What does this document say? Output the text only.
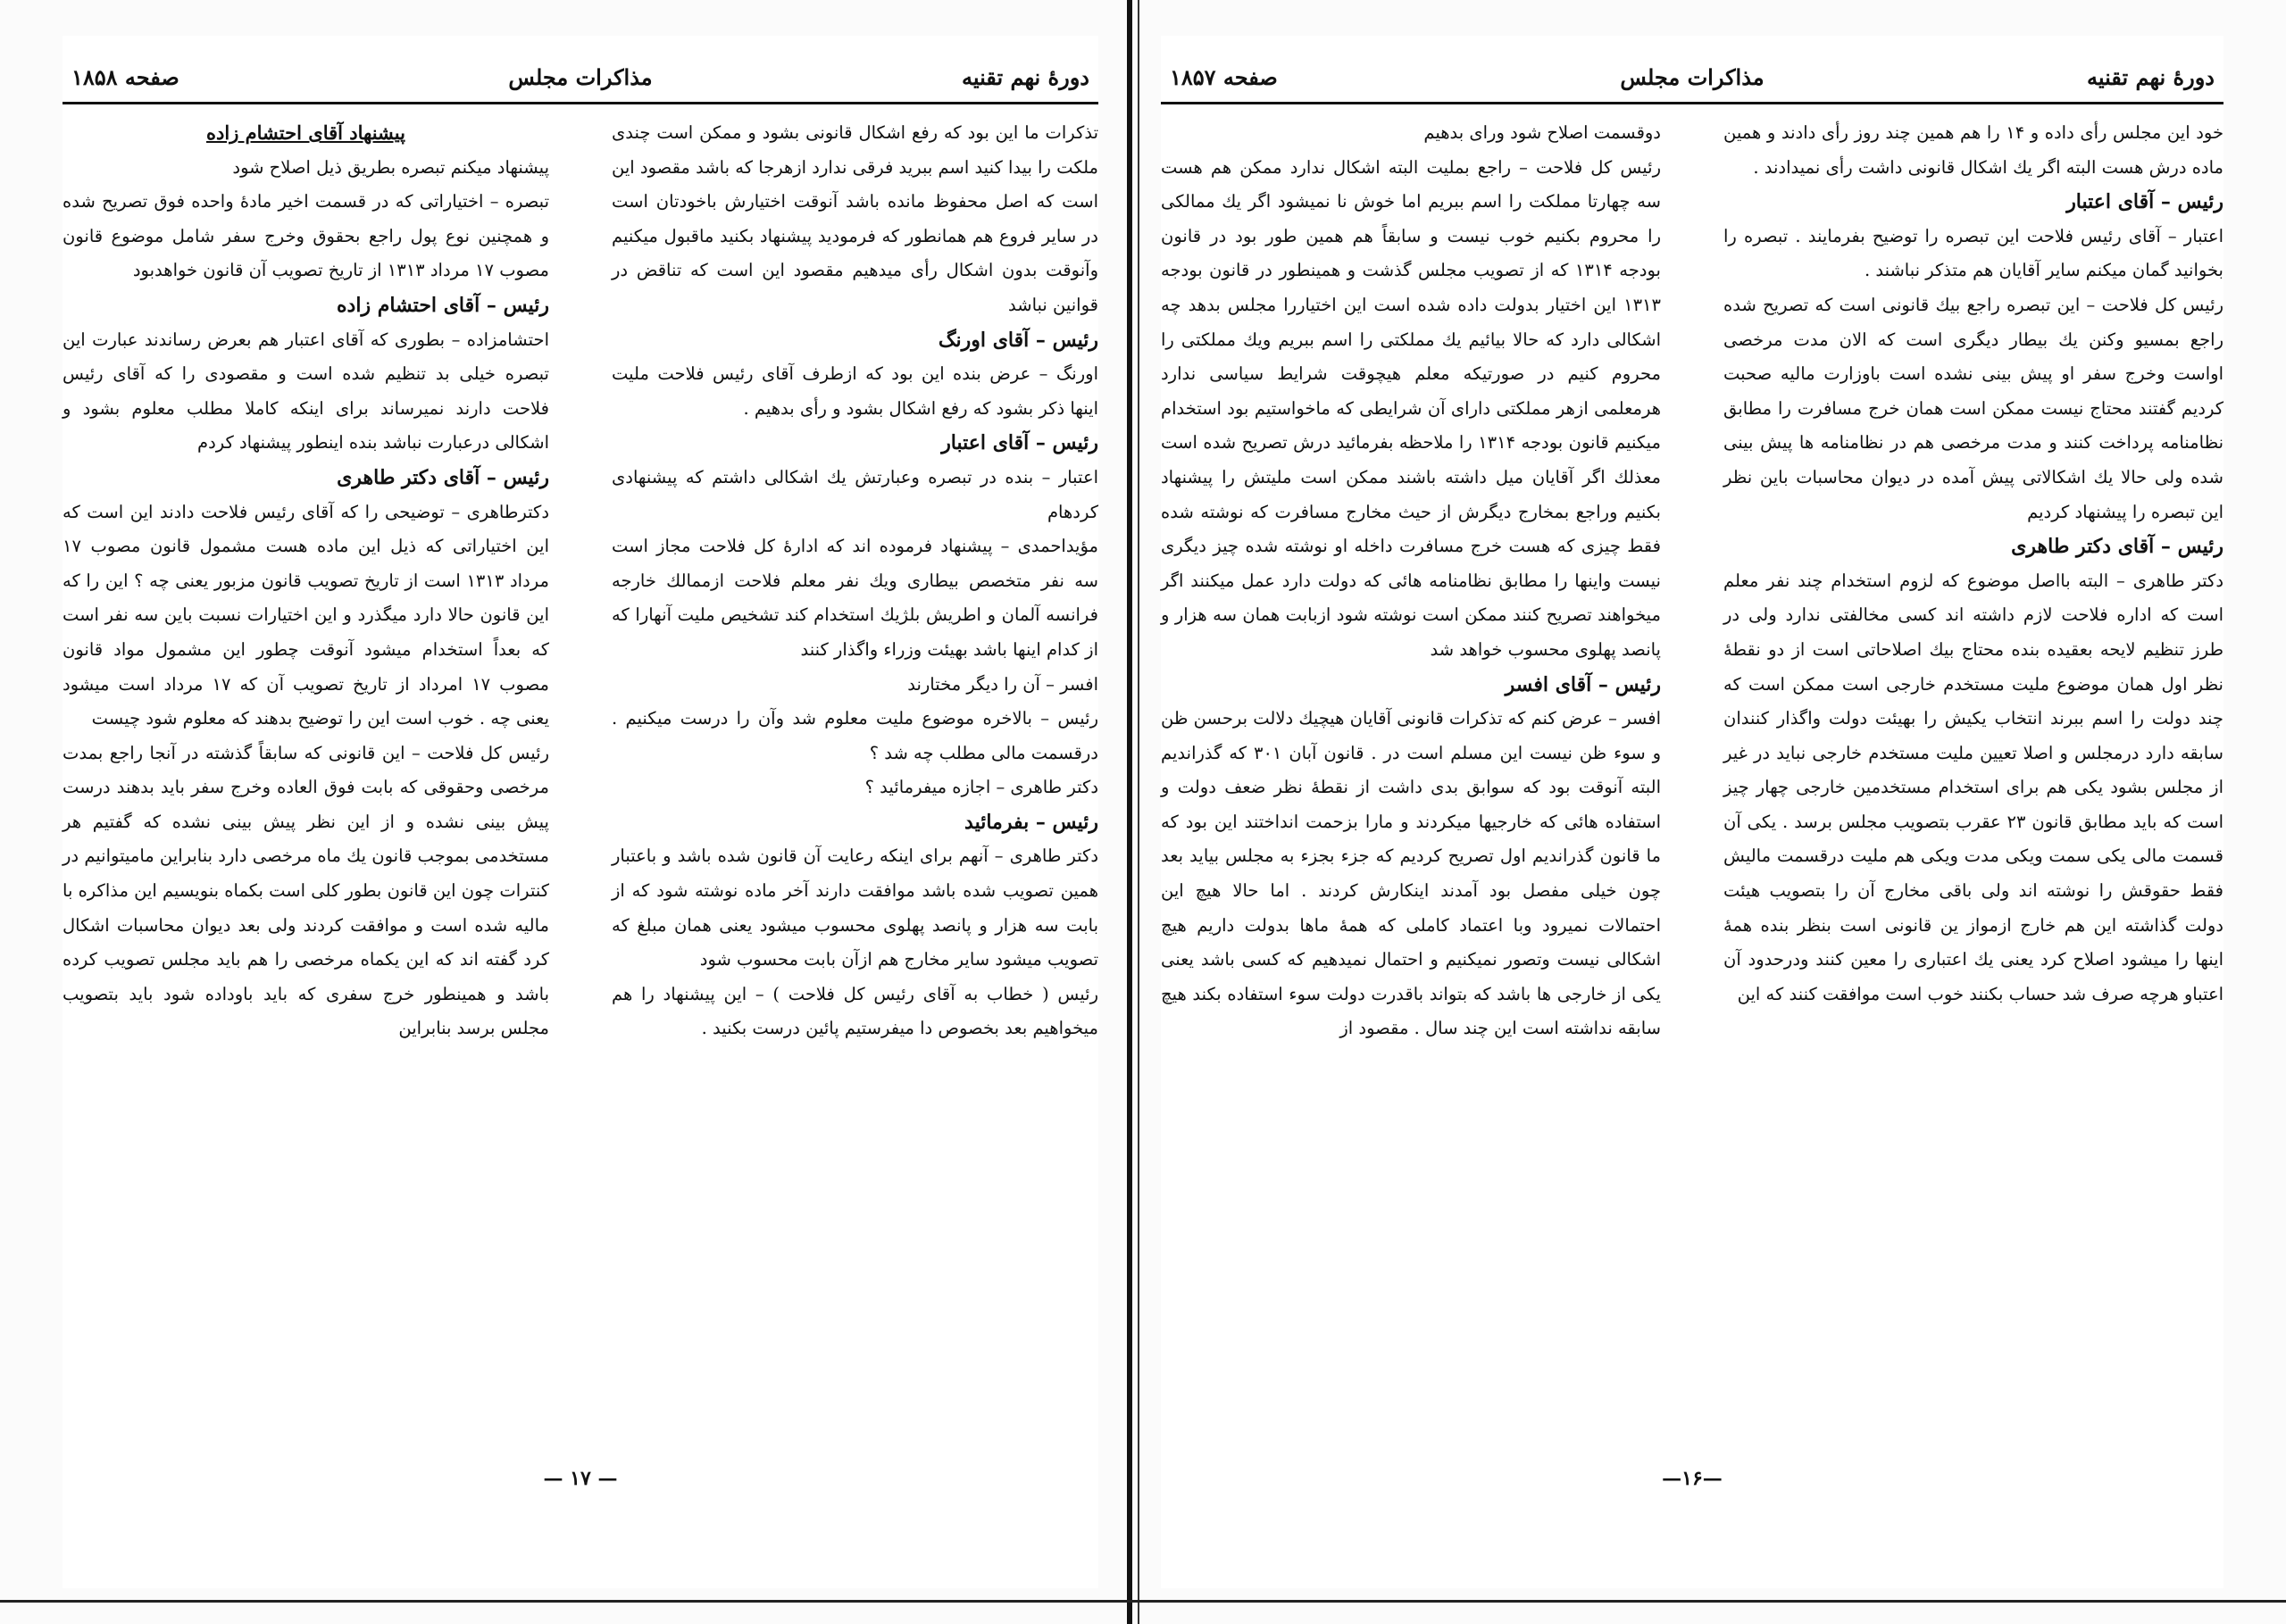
دورهٔ نهم تقنیه
مذاکرات مجلس
صفحه ۱۸۵۸

تذکرات ما این بود که رفع اشکال قانونی بشود و ممکن است چندی ملکت را بیدا کنید اسم ببرید فرقی ندارد ازهرجا که باشد مقصود این است که اصل محفوظ مانده باشد آنوقت اختیارش باخودتان است در سایر فروع هم همانطور که فرمودید پیشنهاد بکنید ماقبول میکنیم وآنوقت بدون اشکال رأی میدهیم مقصود این است که تناقض در قوانین نباشد

رئیس – آقای اورنگ

اورنگ – عرض بنده این بود که ازطرف آقای رئیس فلاحت ملیت اینها ذکر بشود که رفع اشکال بشود و رأی بدهیم .

رئیس – آقای اعتبار

اعتبار – بنده در تبصره وعبارتش یك اشکالی داشتم که پیشنهادی کردهام

مؤیداحمدی – پیشنهاد فرموده اند که ادارهٔ کل فلاحت مجاز است سه نفر متخصص بیطاری ویك نفر معلم فلاحت ازممالك خارجه فرانسه آلمان و اطریش بلژیك استخدام کند تشخیص ملیت آنهارا که از کدام اینها باشد بهیئت وزراء واگذار کنند

افسر – آن را دیگر مختارند

رئیس – بالاخره موضوع ملیت معلوم شد وآن را درست میکنیم . درقسمت مالی مطلب چه شد ؟

دکتر طاهری – اجازه میفرمائید ؟

رئیس – بفرمائید

دکتر طاهری – آنهم برای اینکه رعایت آن قانون شده باشد و باعتبار همین تصویب شده باشد موافقت دارند آخر ماده نوشته شود که از بابت سه هزار و پانصد پهلوی محسوب میشود یعنی همان مبلغ که تصویب میشود سایر مخارج هم ازآن بابت محسوب شود

رئیس ( خطاب به آقای رئیس کل فلاحت ) – این پیشنهاد را هم میخواهیم بعد بخصوص دا میفرستیم پائین درست بکنید .

پیشنهاد آقای احتشام زاده

پیشنهاد میکنم تبصره بطریق ذیل اصلاح شود

تبصره – اختیاراتی که در قسمت اخیر مادهٔ واحده فوق تصریح شده و همچنین نوع پول راجع بحقوق وخرج سفر شامل موضوع قانون مصوب ۱۷ مرداد ۱۳۱۳ از تاریخ تصویب آن قانون خواهدبود

رئیس – آقای احتشام زاده

احتشامزاده – بطوری که آقای اعتبار هم بعرض رساندند عبارت این تبصره خیلی بد تنظیم شده است و مقصودی را که آقای رئیس فلاحت دارند نمیرساند برای اینکه کاملا مطلب معلوم بشود و اشکالی درعبارت نباشد بنده اینطور پیشنهاد کردم

رئیس – آقای دکتر طاهری

دکترطاهری – توضیحی را که آقای رئیس فلاحت دادند این است که این اختیاراتی که ذیل این ماده هست مشمول قانون مصوب ۱۷ مرداد ۱۳۱۳ است از تاریخ تصویب قانون مزبور یعنی چه ؟ این را که این قانون حالا دارد میگذرد و این اختیارات نسبت باین سه نفر است که بعداً استخدام میشود آنوقت چطور این مشمول مواد قانون مصوب ۱۷ امرداد از تاریخ تصویب آن که ۱۷ مرداد است میشود یعنی چه . خوب است این را توضیح بدهند که معلوم شود چیست

رئیس کل فلاحت – این قانونی که سابقاً گذشته در آنجا راجع بمدت مرخصی وحقوقی که بابت فوق العاده وخرج سفر باید بدهند درست پیش بینی نشده و از این نظر پیش بینی نشده که گفتیم هر مستخدمی بموجب قانون یك ماه مرخصی دارد بنابراین مامیتوانیم در کنترات چون این قانون بطور کلی است بکماه بنویسیم این مذاکره با مالیه شده است و موافقت کردند ولی بعد دیوان محاسبات اشکال کرد گفته اند که این یکماه مرخصی را هم باید مجلس تصویب کرده باشد و همینطور خرج سفری که باید باوداده شود باید بتصویب مجلس برسد بنابراین

— ۱۷ —
دورهٔ نهم تقنیه
مذاکرات مجلس
صفحه ۱۸۵۷

خود این مجلس رأی داده و ۱۴ را هم همین چند روز رأی دادند و همین ماده درش هست البته اگر یك اشکال قانونی داشت رأی نمیدادند .

رئیس – آقای اعتبار

اعتبار – آقای رئیس فلاحت این تبصره را توضیح بفرمایند . تبصره را بخوانید گمان میکنم سایر آقایان هم متذکر نباشند .

رئیس کل فلاحت – این تبصره راجع بیك قانونی است که تصریح شده راجع بمسیو وکنن یك بیطار دیگری است که الان مدت مرخصی اواست وخرج سفر او پیش بینی نشده است باوزارت مالیه صحبت کردیم گفتند محتاج نیست ممکن است همان خرج مسافرت را مطابق نظامنامه پرداخت کنند و مدت مرخصی هم در نظامنامه ها پیش بینی شده ولی حالا یك اشکالاتی پیش آمده در دیوان محاسبات باین نظر این تبصره را پیشنهاد کردیم

رئیس – آقای دکتر طاهری

دکتر طاهری – البته بااصل موضوع که لزوم استخدام چند نفر معلم است که اداره فلاحت لازم داشته اند کسی مخالفتی ندارد ولی در طرز تنظیم لایحه بعقیده بنده محتاج بیك اصلاحاتی است از دو نقطهٔ نظر اول همان موضوع ملیت مستخدم خارجی است ممکن است که چند دولت را اسم ببرند انتخاب یکیش را بهیئت دولت واگذار کنندان سابقه دارد درمجلس و اصلا تعیین ملیت مستخدم خارجی نباید در غیر از مجلس بشود یکی هم برای استخدام مستخدمین خارجی چهار چیز است که باید مطابق قانون ۲۳ عقرب بتصویب مجلس برسد . یکی آن قسمت مالی یکی سمت ویکی مدت ویکی هم ملیت درقسمت مالیش فقط حقوقش را نوشته اند ولی باقی مخارج آن را بتصویب هیئت دولت گذاشته این هم خارج ازمواز ین قانونی است بنظر بنده همهٔ اینها را میشود اصلاح کرد یعنی یك اعتباری را معین کنند ودرحدود آن اعتباو هرچه صرف شد حساب بکنند خوب است موافقت کنند که این

دوقسمت اصلاح شود ورای بدهیم

رئیس کل فلاحت – راجع بملیت البته اشکال ندارد ممکن هم هست سه چهارتا مملکت را اسم ببریم اما خوش نا نمیشود اگر یك ممالکی را محروم بکنیم خوب نیست و سابقاً هم همین طور بود در قانون بودجه ۱۳۱۴ که از تصویب مجلس گذشت و همینطور در قانون بودجه ۱۳۱۳ این اختیار بدولت داده شده است این اختیاررا مجلس بدهد چه اشکالی دارد که حالا بیائیم یك مملکتی را اسم ببریم ویك مملکتی را محروم کنیم در صورتیکه معلم هیچوقت شرایط سیاسی ندارد هرمعلمی ازهر مملکتی دارای آن شرایطی که ماخواستیم بود استخدام میکنیم قانون بودجه ۱۳۱۴ را ملاحظه بفرمائید درش تصریح شده است معذلك اگر آقایان میل داشته باشند ممکن است ملیتش را پیشنهاد بکنیم وراجع بمخارج دیگرش از حیث مخارج مسافرت که نوشته شده فقط چیزی که هست خرج مسافرت داخله او نوشته شده چیز دیگری نیست واینها را مطابق نظامنامه هائی که دولت دارد عمل میکنند اگر میخواهند تصریح کنند ممکن است نوشته شود ازبابت همان سه هزار و پانصد پهلوی محسوب خواهد شد

رئیس – آقای افسر

افسر – عرض کنم که تذکرات قانونی آقایان هیچیك دلالت برحسن ظن و سوء ظن نیست این مسلم است در . قانون آبان ۳۰۱ که گذراندیم البته آنوقت بود که سوابق بدی داشت از نقطهٔ نظر ضعف دولت و استفاده هائی که خارجیها میکردند و مارا بزحمت انداختند این بود که ما قانون گذراندیم اول تصریح کردیم که جزء بجزء به مجلس بیاید بعد چون خیلی مفصل بود آمدند اینکارش کردند . اما حالا هیچ این احتمالات نمیرود وبا اعتماد کاملی که همهٔ ماها بدولت داریم هیچ اشکالی نیست وتصور نمیکنیم و احتمال نمیدهیم که کسی باشد یعنی یکی از خارجی ها باشد که بتواند باقدرت دولت سوء استفاده بکند هیچ سابقه نداشته است این چند سال . مقصود از

—۱۶—
